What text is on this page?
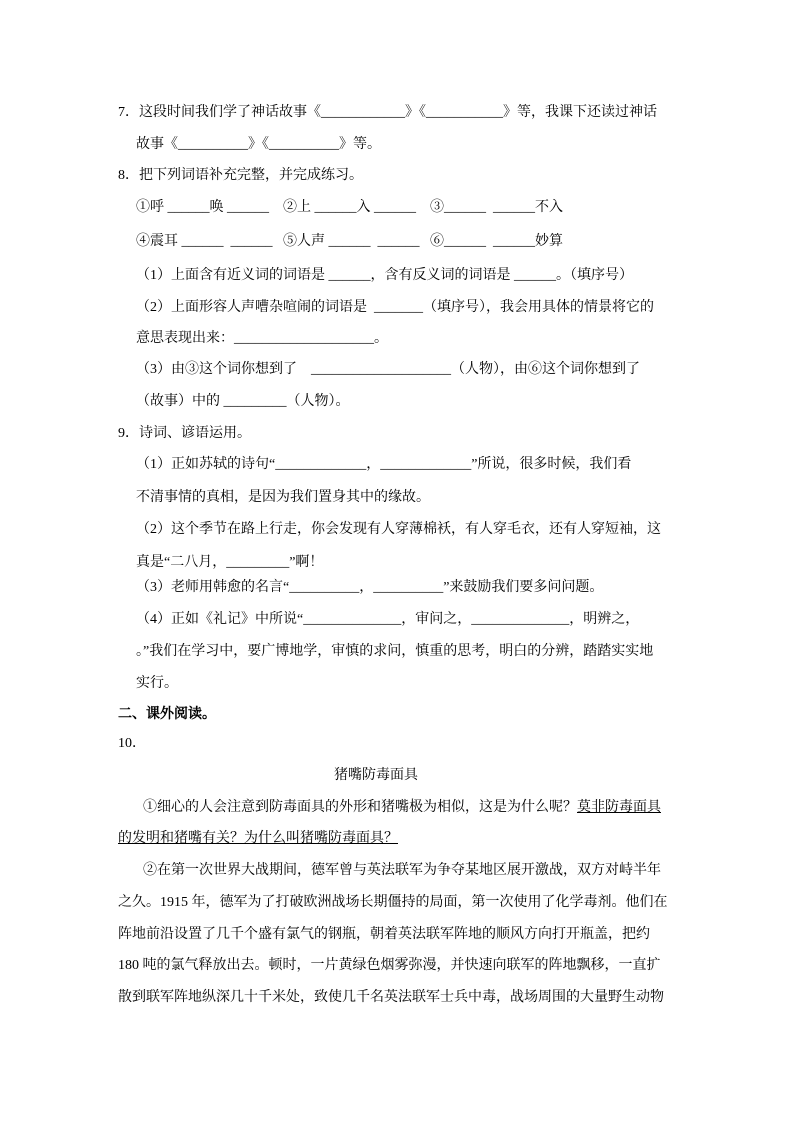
7．这段时间我们学了神话故事《____________》《___________》等，我课下还读过神话
故事《__________》《__________》等。
8．把下列词语补充完整，并完成练习。
①呼 ______唤 ______    ②上 ______入 ______    ③______  ______不入
④震耳 ______  ______   ⑤人声 ______  ______   ⑥______  ______妙算
（1）上面含有近义词的词语是 ______，含有反义词的词语是 ______。（填序号）
（2）上面形容人声嘈杂喧闹的词语是  _______（填序号），我会用具体的情景将它的
意思表现出来：____________________。
（3）由③这个词你想到了    ____________________（人物），由⑥这个词你想到了
（故事）中的 _________（人物）。
9．诗词、谚语运用。
（1）正如苏轼的诗句“_____________，_____________”所说，很多时候，我们看
不清事情的真相，是因为我们置身其中的缘故。
（2）这个季节在路上行走，你会发现有人穿薄棉袄，有人穿毛衣，还有人穿短袖，这
真是“二八月，_________”啊！
（3）老师用韩愈的名言“__________，__________”来鼓励我们要多问问题。
（4）正如《礼记》中所说“______________，审问之，______________，明辨之，
。”我们在学习中，要广博地学，审慎的求问，慎重的思考，明白的分辨，踏踏实实地
实行。
二、课外阅读。
10．
猪嘴防毒面具
①细心的人会注意到防毒面具的外形和猪嘴极为相似，这是为什么呢？莫非防毒面具
的发明和猪嘴有关？为什么叫猪嘴防毒面具？
②在第一次世界大战期间，德军曾与英法联军为争夺某地区展开激战，双方对峙半年
之久。1915 年，德军为了打破欧洲战场长期僵持的局面，第一次使用了化学毒剂。他们在
阵地前沿设置了几千个盛有氯气的钢瓶，朝着英法联军阵地的顺风方向打开瓶盖，把约
180 吨的氯气释放出去。顿时，一片黄绿色烟雾弥漫，并快速向联军的阵地飘移，一直扩
散到联军阵地纵深几十千米处，致使几千名英法联军士兵中毒，战场周围的大量野生动物
